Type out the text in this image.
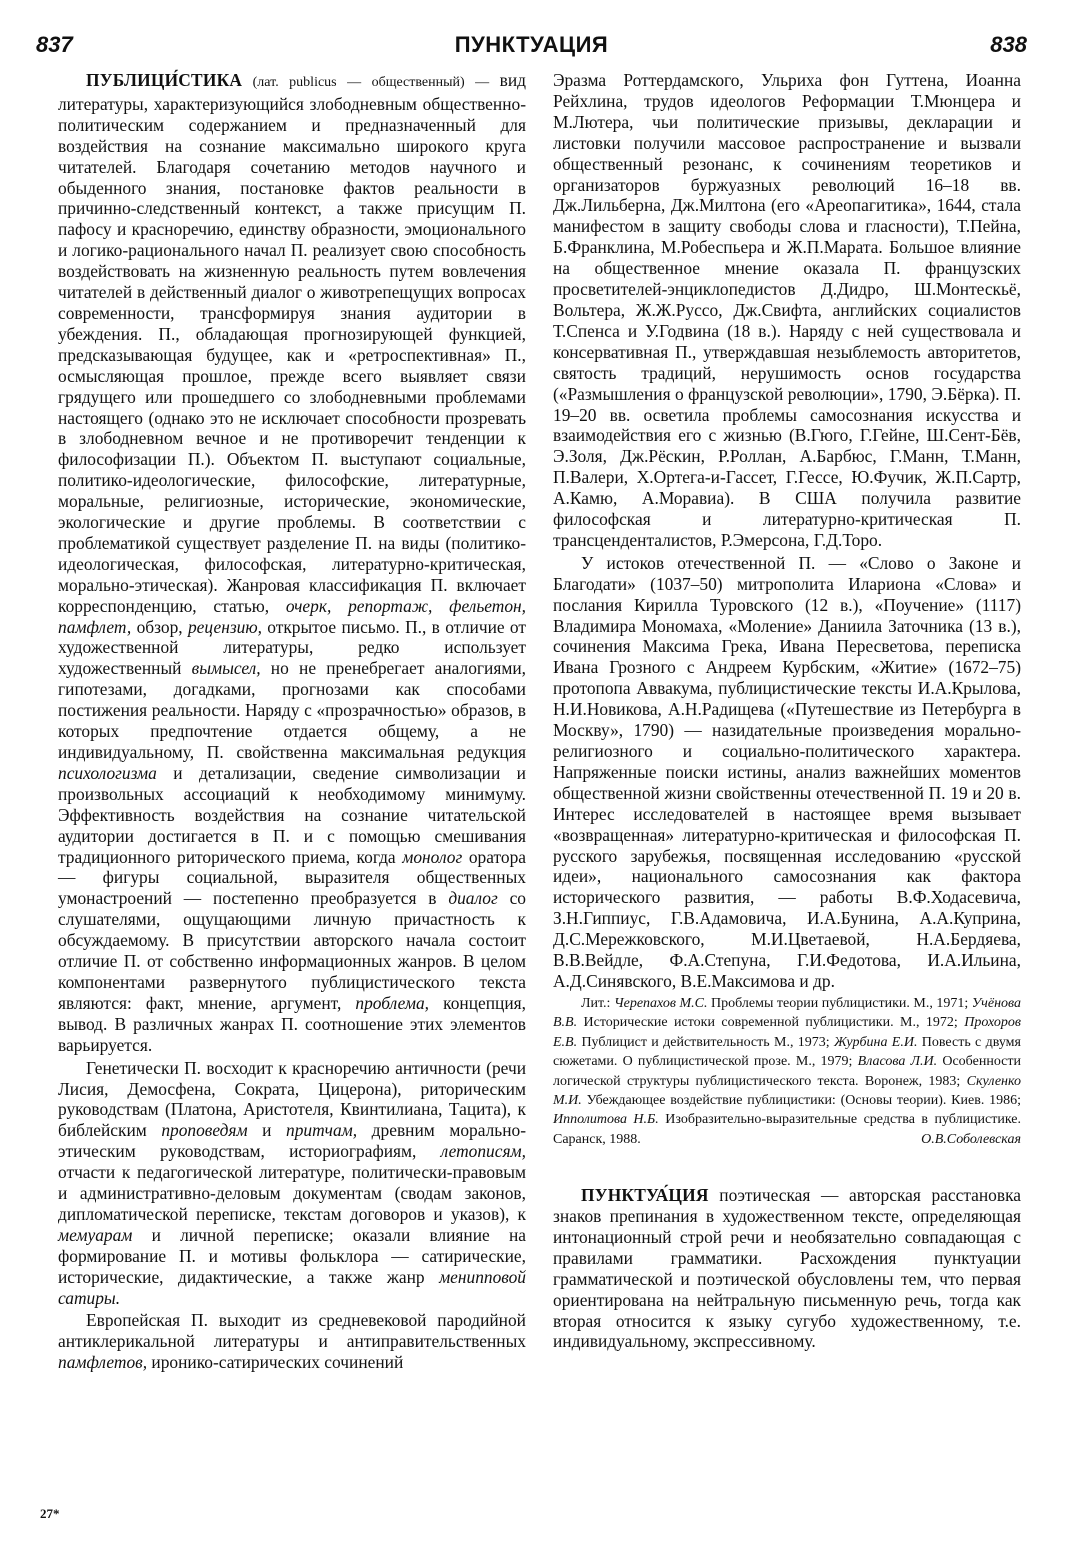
837	ПУНКТУАЦИЯ	838

ПУБЛИЦИ́СТИКА (лат. publicus — общественный) — вид литературы, характеризующийся злободневным общественно-политическим содержанием и предназначенный для воздействия на сознание максимально широкого круга читателей. Благодаря сочетанию методов научного и обыденного знания, постановке фактов реальности в причинно-следственный контекст, а также присущим П. пафосу и красноречию, единству образности, эмоционального и логико-рационального начал П. реализует свою способность воздействовать на жизненную реальность путем вовлечения читателей в действенный диалог о животрепещущих вопросах современности, трансформируя знания аудитории в убеждения. П., обладающая прогнозирующей функцией, предсказывающая будущее, как и «ретроспективная» П., осмысляющая прошлое, прежде всего выявляет связи грядущего или прошедшего со злободневными проблемами настоящего (однако это не исключает способности прозревать в злободневном вечное и не противоречит тенденции к философизации П.). Объектом П. выступают социальные, политико-идеологические, философские, литературные, моральные, религиозные, исторические, экономические, экологические и другие проблемы. В соответствии с проблематикой существует разделение П. на виды (политико-идеологическая, философская, литературно-критическая, морально-этическая). Жанровая классификация П. включает корреспонденцию, статью, очерк, репортаж, фельетон, памфлет, обзор, рецензию, открытое письмо. П., в отличие от художественной литературы, редко использует художественный вымысел, но не пренебрегает аналогиями, гипотезами, догадками, прогнозами как способами постижения реальности. Наряду с «прозрачностью» образов, в которых предпочтение отдается общему, а не индивидуальному, П. свойственна максимальная редукция психологизма и детализации, сведение символизации и произвольных ассоциаций к необходимому минимуму. Эффективность воздействия на сознание читательской аудитории достигается в П. и с помощью смешивания традиционного риторического приема, когда монолог оратора — фигуры социальной, выразителя общественных умонастроений — постепенно преобразуется в диалог со слушателями, ощущающими личную причастность к обсуждаемому. В присутствии авторского начала состоит отличие П. от собственно информационных жанров. В целом компонентами развернутого публицистического текста являются: факт, мнение, аргумент, проблема, концепция, вывод. В различных жанрах П. соотношение этих элементов варьируется.

Генетически П. восходит к красноречию античности (речи Лисия, Демосфена, Сократа, Цицерона), риторическим руководствам (Платона, Аристотеля, Квинтилиана, Тацита), к библейским проповедям и притчам, древним морально-этическим руководствам, историографиям, летописям, отчасти к педагогической литературе, политически-правовым и административно-деловым документам (сводам законов, дипломатической переписке, текстам договоров и указов), к мемуарам и личной переписке; оказали влияние на формирование П. и мотивы фольклора — сатирические, исторические, дидактические, а также жанр менипповой сатиры.

Европейская П. выходит из средневековой пародийной антиклерикальной литературы и антиправительственных памфлетов, иронико-сатирических сочинений

Эразма Роттердамского, Ульриха фон Гуттена, Иоанна Рейхлина, трудов идеологов Реформации Т.Мюнцера и М.Лютера, чьи политические призывы, декларации и листовки получили массовое распространение и вызвали общественный резонанс, к сочинениям теоретиков и организаторов буржуазных революций 16–18 вв. Дж.Лильберна, Дж.Милтона (его «Ареопагитика», 1644, стала манифестом в защиту свободы слова и гласности), Т.Пейна, Б.Франклина, М.Робеспьера и Ж.П.Марата. Большое влияние на общественное мнение оказала П. французских просветителей-энциклопедистов Д.Дидро, Ш.Монтескьё, Вольтера, Ж.Ж.Руссо, Дж.Свифта, английских социалистов Т.Спенса и У.Годвина (18 в.). Наряду с ней существовала и консервативная П., утверждавшая незыблемость авторитетов, святость традиций, нерушимость основ государства («Размышления о французской революции», 1790, Э.Бёрка). П. 19–20 вв. осветила проблемы самосознания искусства и взаимодействия его с жизнью (В.Гюго, Г.Гейне, Ш.Сент-Бёв, Э.Золя, Дж.Рёскин, Р.Роллан, А.Барбюс, Г.Манн, Т.Манн, П.Валери, Х.Ортега-и-Гассет, Г.Гессе, Ю.Фучик, Ж.П.Сартр, А.Камю, А.Моравиа). В США получила развитие философская и литературно-критическая П. трансценденталистов, Р.Эмерсона, Г.Д.Торо.

У истоков отечественной П. — «Слово о Законе и Благодати» (1037–50) митрополита Илариона «Слова» и послания Кирилла Туровского (12 в.), «Поучение» (1117) Владимира Мономаха, «Моление» Даниила Заточника (13 в.), сочинения Максима Грека, Ивана Пересветова, переписка Ивана Грозного с Андреем Курбским, «Житие» (1672–75) протопопа Аввакума, публицистические тексты И.А.Крылова, Н.И.Новикова, А.Н.Радищева («Путешествие из Петербурга в Москву», 1790) — назидательные произведения морально-религиозного и социально-политического характера. Напряженные поиски истины, анализ важнейших моментов общественной жизни свойственны отечественной П. 19 и 20 в. Интерес исследователей в настоящее время вызывает «возвращенная» литературно-критическая и философская П. русского зарубежья, посвященная исследованию «русской идеи», национального самосознания как фактора исторического развития, — работы В.Ф.Ходасевича, З.Н.Гиппиус, Г.В.Адамовича, И.А.Бунина, А.А.Куприна, Д.С.Мережковского, М.И.Цветаевой, Н.А.Бердяева, В.В.Вейдле, Ф.А.Степуна, Г.И.Федотова, И.А.Ильина, А.Д.Синявского, В.Е.Максимова и др.

Лит.: Черепахов М.С. Проблемы теории публицистики. М., 1971; Учёнова В.В. Исторические истоки современной публицистики. М., 1972; Прохоров Е.В. Публицист и действительность М., 1973; Журбина Е.И. Повесть с двумя сюжетами. О публицистической прозе. М., 1979; Власова Л.И. Особенности логической структуры публицистического текста. Воронеж, 1983; Скуленко М.И. Убеждающее воздействие публицистики: (Основы теории). Киев. 1986; Ипполитова Н.Б. Изобразительно-выразительные средства в публицистике. Саранск, 1988.	О.В.Соболевская

ПУНКТУА́ЦИЯ поэтическая — авторская расстановка знаков препинания в художественном тексте, определяющая интонационный строй речи и необязательно совпадающая с правилами грамматики. Расхождения пунктуации грамматической и поэтической обусловлены тем, что первая ориентирована на нейтральную письменную речь, тогда как вторая относится к языку сугубо художественному, т.е. индивидуальному, экспрессивному.

27*
